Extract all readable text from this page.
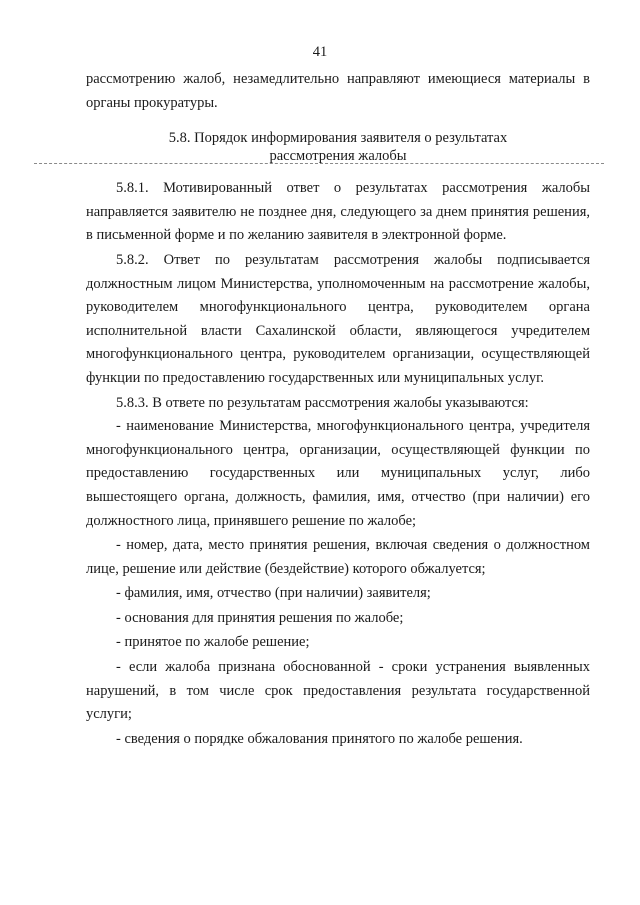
41

рассмотрению жалоб, незамедлительно направляют имеющиеся материалы в органы прокуратуры.

5.8. Порядок информирования заявителя о результатах
рассмотрения жалобы

5.8.1. Мотивированный ответ о результатах рассмотрения жалобы направляется заявителю не позднее дня, следующего за днем принятия решения, в письменной форме и по желанию заявителя в электронной форме.

5.8.2. Ответ по результатам рассмотрения жалобы подписывается должностным лицом Министерства, уполномоченным на рассмотрение жалобы, руководителем многофункционального центра, руководителем органа исполнительной власти Сахалинской области, являющегося учредителем многофункционального центра, руководителем организации, осуществляющей функции по предоставлению государственных или муниципальных услуг.

5.8.3. В ответе по результатам рассмотрения жалобы указываются:

- наименование Министерства, многофункционального центра, учредителя многофункционального центра, организации, осуществляющей функции по предоставлению государственных или муниципальных услуг, либо вышестоящего органа, должность, фамилия, имя, отчество (при наличии) его должностного лица, принявшего решение по жалобе;

- номер, дата, место принятия решения, включая сведения о должностном лице, решение или действие (бездействие) которого обжалуется;

- фамилия, имя, отчество (при наличии) заявителя;

- основания для принятия решения по жалобе;

- принятое по жалобе решение;

- если жалоба признана обоснованной - сроки устранения выявленных нарушений, в том числе срок предоставления результата государственной услуги;

- сведения о порядке обжалования принятого по жалобе решения.
